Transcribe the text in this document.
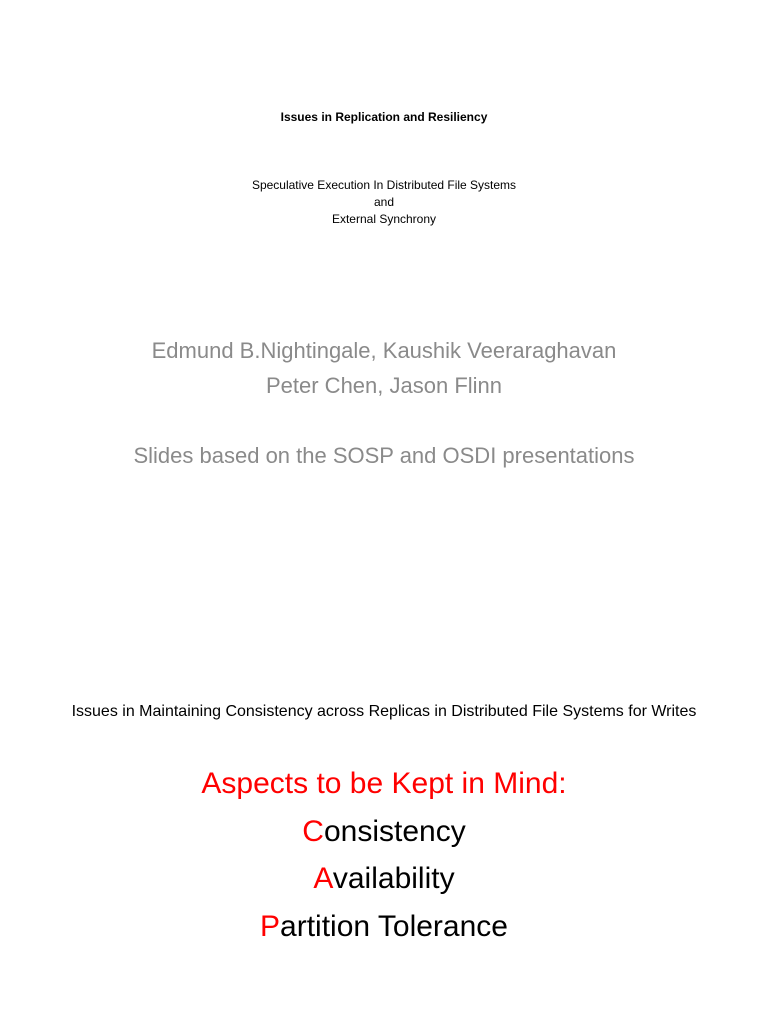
Issues in Replication and Resiliency
Speculative Execution In Distributed File Systems
and
External Synchrony
Edmund B.Nightingale, Kaushik Veeraraghavan
Peter Chen, Jason Flinn
Slides based on the SOSP and OSDI presentations
Issues in Maintaining Consistency across Replicas in Distributed File Systems for Writes
Aspects to be Kept in Mind:
Consistency
Availability
Partition Tolerance
